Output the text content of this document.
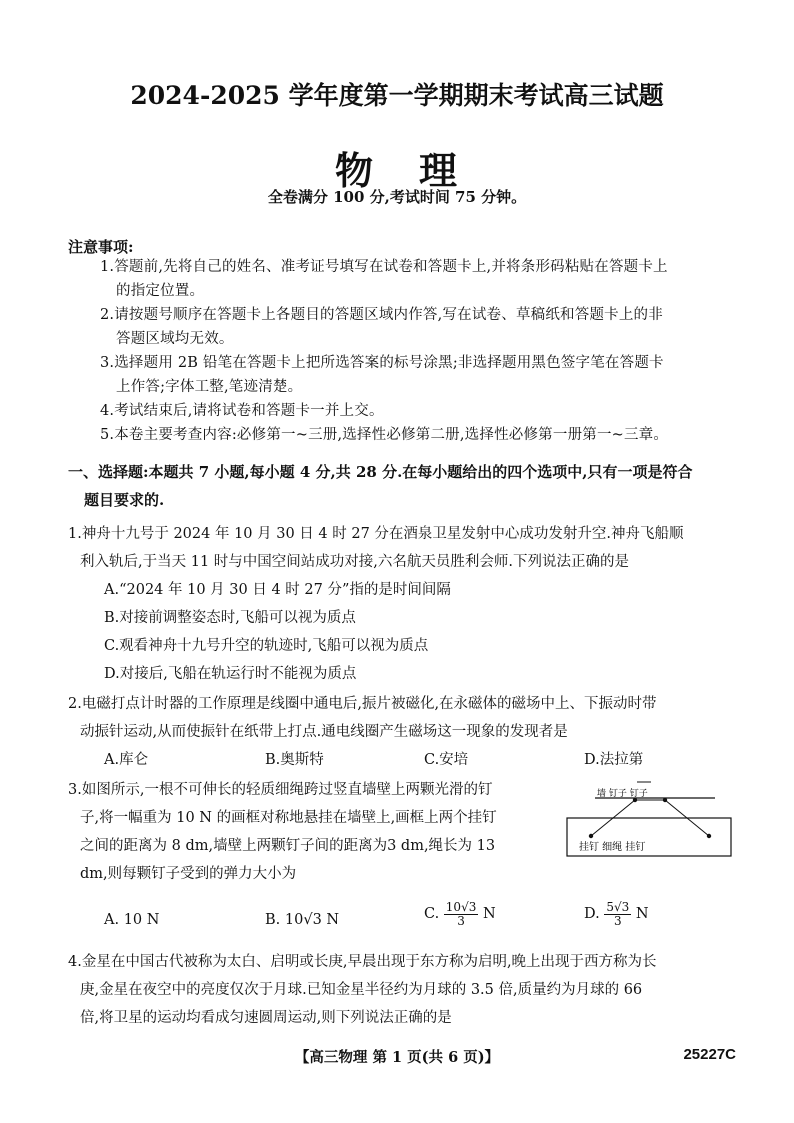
2024-2025 学年度第一学期期末考试高三试题
物 理
全卷满分 100 分,考试时间 75 分钟。
注意事项:
1.答题前,先将自己的姓名、准考证号填写在试卷和答题卡上,并将条形码粘贴在答题卡上
的指定位置。
2.请按题号顺序在答题卡上各题目的答题区域内作答,写在试卷、草稿纸和答题卡上的非
答题区域均无效。
3.选择题用 2B 铅笔在答题卡上把所选答案的标号涂黑;非选择题用黑色签字笔在答题卡
上作答;字体工整,笔迹清楚。
4.考试结束后,请将试卷和答题卡一并上交。
5.本卷主要考查内容:必修第一~三册,选择性必修第二册,选择性必修第一册第一~三章。
一、选择题:本题共 7 小题,每小题 4 分,共 28 分.在每小题给出的四个选项中,只有一项是符合
题目要求的.
1.神舟十九号于 2024 年 10 月 30 日 4 时 27 分在酒泉卫星发射中心成功发射升空.神舟飞船顺
利入轨后,于当天 11 时与中国空间站成功对接,六名航天员胜利会师.下列说法正确的是
A.“2024 年 10 月 30 日 4 时 27 分”指的是时间间隔
B.对接前调整姿态时,飞船可以视为质点
C.观看神舟十九号升空的轨迹时,飞船可以视为质点
D.对接后,飞船在轨运行时不能视为质点
2.电磁打点计时器的工作原理是线圈中通电后,振片被磁化,在永磁体的磁场中上、下振动时带
动振针运动,从而使振针在纸带上打点.通电线圈产生磁场这一现象的发现者是
A.库仑	B.奥斯特	C.安培	D.法拉第
3.如图所示,一根不可伸长的轻质细绳跨过竖直墙壁上两颗光滑的钉
子,将一幅重为 10 N 的画框对称地悬挂在墙壁上,画框上两个挂钉
之间的距离为 8 dm,墙壁上两颗钉子间的距离为3 dm,绳长为 13
dm,则每颗钉子受到的弹力大小为
墙 钉子 钉子
挂钉 细绳 挂钉
A. 10 N	B. 10√3 N	C. $\frac{10√3}{3}$ N	D. $\frac{5√3}{3}$ N
4.金星在中国古代被称为太白、启明或长庚,早晨出现于东方称为启明,晚上出现于西方称为长
庚,金星在夜空中的亮度仅次于月球.已知金星半径约为月球的 3.5 倍,质量约为月球的 66
倍,将卫星的运动均看成匀速圆周运动,则下列说法正确的是
【高三物理 第 1 页(共 6 页)】	25227C
